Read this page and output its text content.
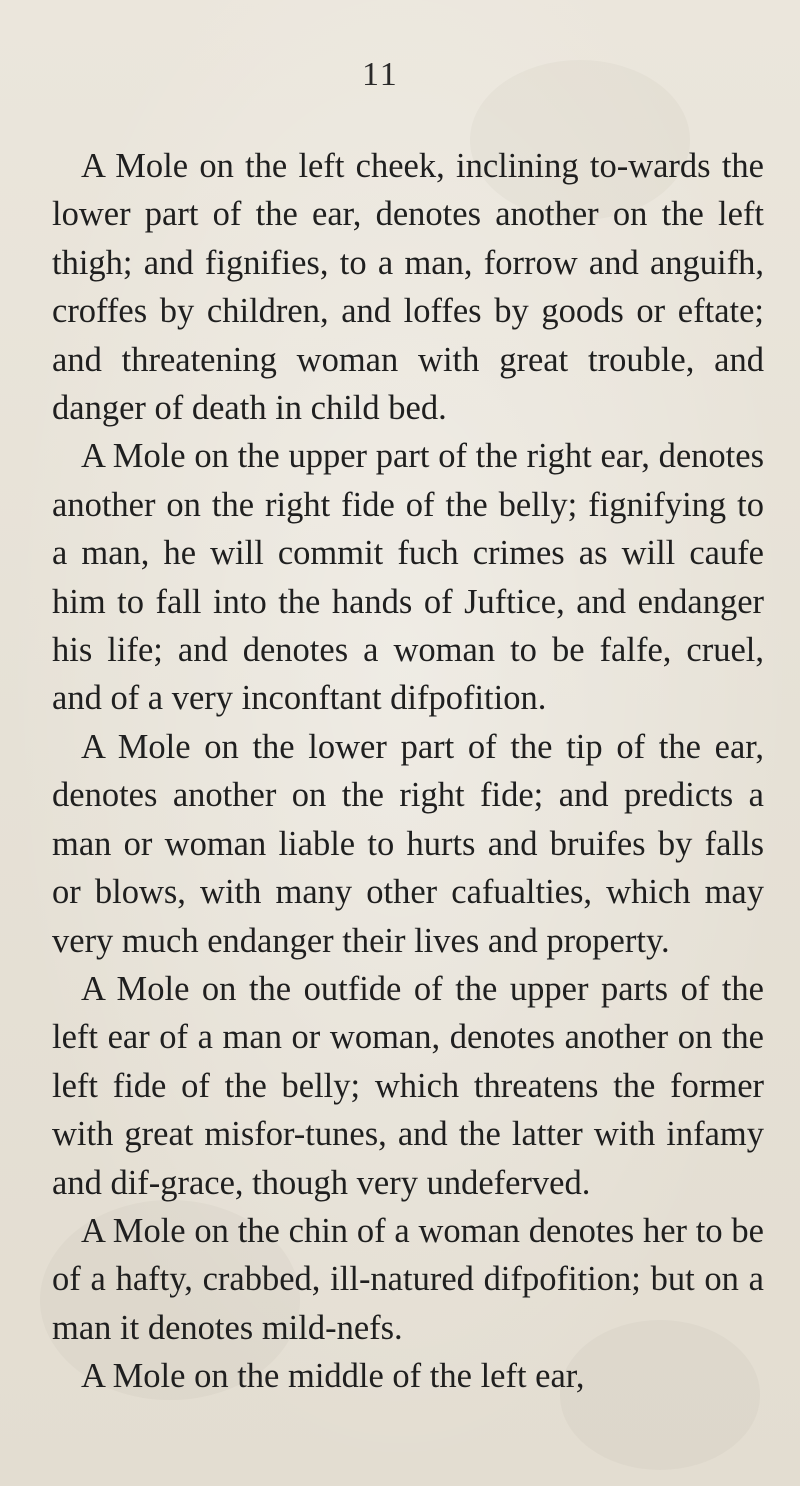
11

A Mole on the left cheek, inclining to-wards the lower part of the ear, denotes another on the left thigh; and fignifies, to a man, forrow and anguifh, croffes by children, and loffes by goods or eftate; and threatening woman with great trouble, and danger of death in child bed.

A Mole on the upper part of the right ear, denotes another on the right fide of the belly; fignifying to a man, he will commit fuch crimes as will caufe him to fall into the hands of Juftice, and endanger his life; and denotes a woman to be falfe, cruel, and of a very inconftant difpofition.

A Mole on the lower part of the tip of the ear, denotes another on the right fide; and predicts a man or woman liable to hurts and bruifes by falls or blows, with many other cafualties, which may very much endanger their lives and property.

A Mole on the outfide of the upper parts of the left ear of a man or woman, denotes another on the left fide of the belly; which threatens the former with great misfor-tunes, and the latter with infamy and dif-grace, though very undeferved.

A Mole on the chin of a woman denotes her to be of a hafty, crabbed, ill-natured difpofition; but on a man it denotes mild-nefs.

A Mole on the middle of the left ear,
